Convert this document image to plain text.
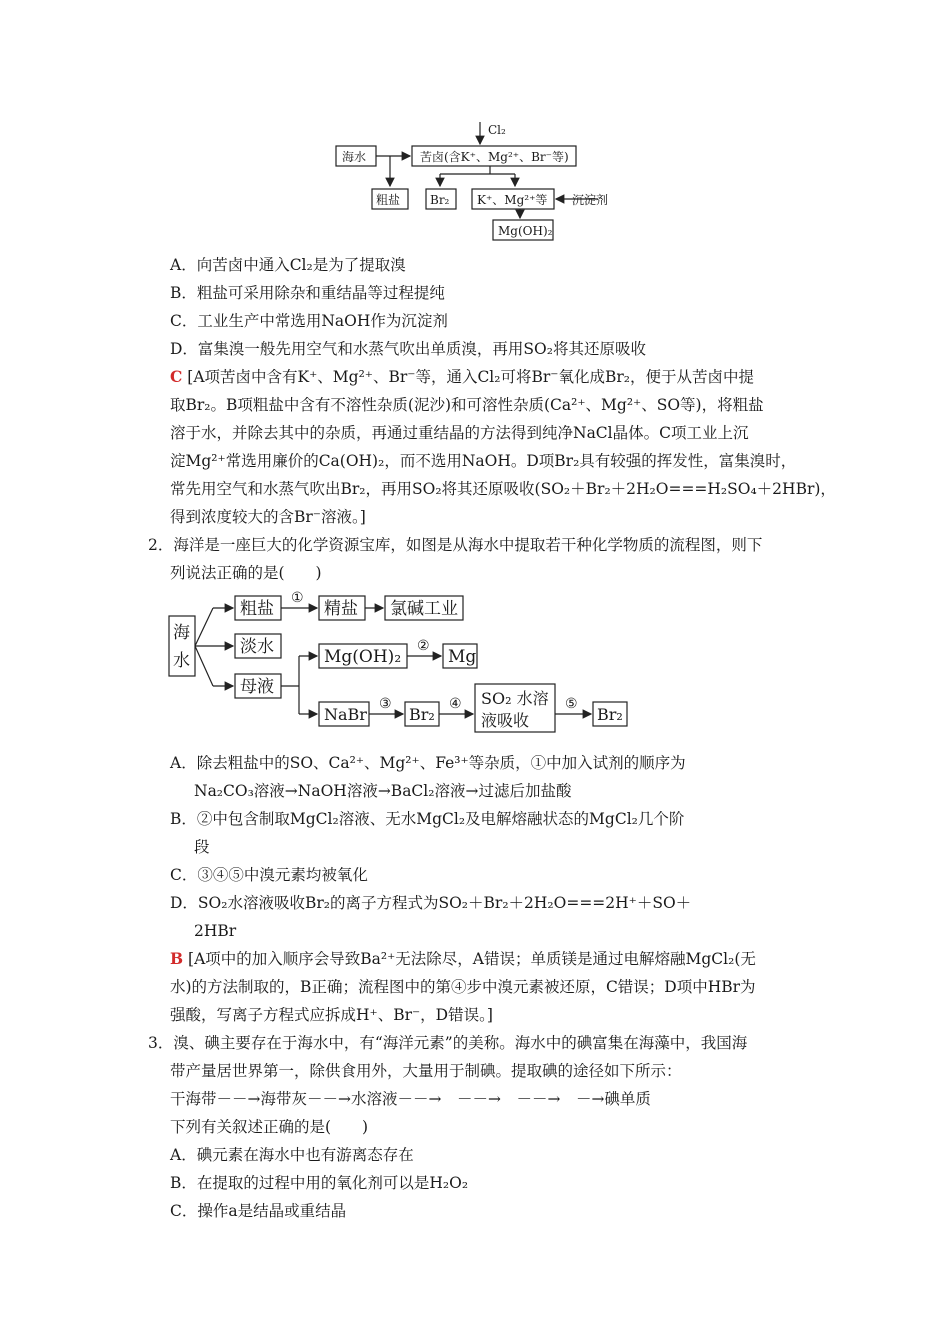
Cl₂
海水	苦卤(含K⁺、Mg²⁺、Br⁻等)
粗盐 Br₂ K⁺、Mg²⁺等 沉淀剂
Mg(OH)₂
A．向苦卤中通入Cl₂是为了提取溴
B．粗盐可采用除杂和重结晶等过程提纯
C．工业生产中常选用NaOH作为沉淀剂
D．富集溴一般先用空气和水蒸气吹出单质溴，再用SO₂将其还原吸收
C [A项苦卤中含有K⁺、Mg²⁺、Br⁻等，通入Cl₂可将Br⁻氧化成Br₂，便于从苦卤中提
取Br₂。B项粗盐中含有不溶性杂质(泥沙)和可溶性杂质(Ca²⁺、Mg²⁺、SO等)，将粗盐
溶于水，并除去其中的杂质，再通过重结晶的方法得到纯净NaCl晶体。C项工业上沉
淀Mg²⁺常选用廉价的Ca(OH)₂，而不选用NaOH。D项Br₂具有较强的挥发性，富集溴时，
常先用空气和水蒸气吹出Br₂，再用SO₂将其还原吸收(SO₂＋Br₂＋2H₂O===H₂SO₄＋2HBr)，
得到浓度较大的含Br⁻溶液。]
2．海洋是一座巨大的化学资源宝库，如图是从海水中提取若干种化学物质的流程图，则下
列说法正确的是(　　)
海
水
粗盐
①
精盐 氯碱工业
淡水
母液
Mg(OH)₂
②
Mg
NaBr
③
Br₂
④ SO₂ 水溶
液吸收
⑤
Br₂
A．除去粗盐中的SO、Ca²⁺、Mg²⁺、Fe³⁺等杂质，①中加入试剂的顺序为
Na₂CO₃溶液→NaOH溶液→BaCl₂溶液→过滤后加盐酸
B．②中包含制取MgCl₂溶液、无水MgCl₂及电解熔融状态的MgCl₂几个阶
段
C．③④⑤中溴元素均被氧化
D．SO₂水溶液吸收Br₂的离子方程式为SO₂＋Br₂＋2H₂O===2H⁺＋SO＋
2HBr
B [A项中的加入顺序会导致Ba²⁺无法除尽，A错误；单质镁是通过电解熔融MgCl₂(无
水)的方法制取的，B正确；流程图中的第④步中溴元素被还原，C错误；D项中HBr为
强酸，写离子方程式应拆成H⁺、Br⁻，D错误。]
3．溴、碘主要存在于海水中，有“海洋元素”的美称。海水中的碘富集在海藻中，我国海
带产量居世界第一，除供食用外，大量用于制碘。提取碘的途径如下所示：
干海带－－→海带灰－－→水溶液－－→　－－→　－－→　－→碘单质
下列有关叙述正确的是(　　)
A．碘元素在海水中也有游离态存在
B．在提取的过程中用的氧化剂可以是H₂O₂
C．操作a是结晶或重结晶
